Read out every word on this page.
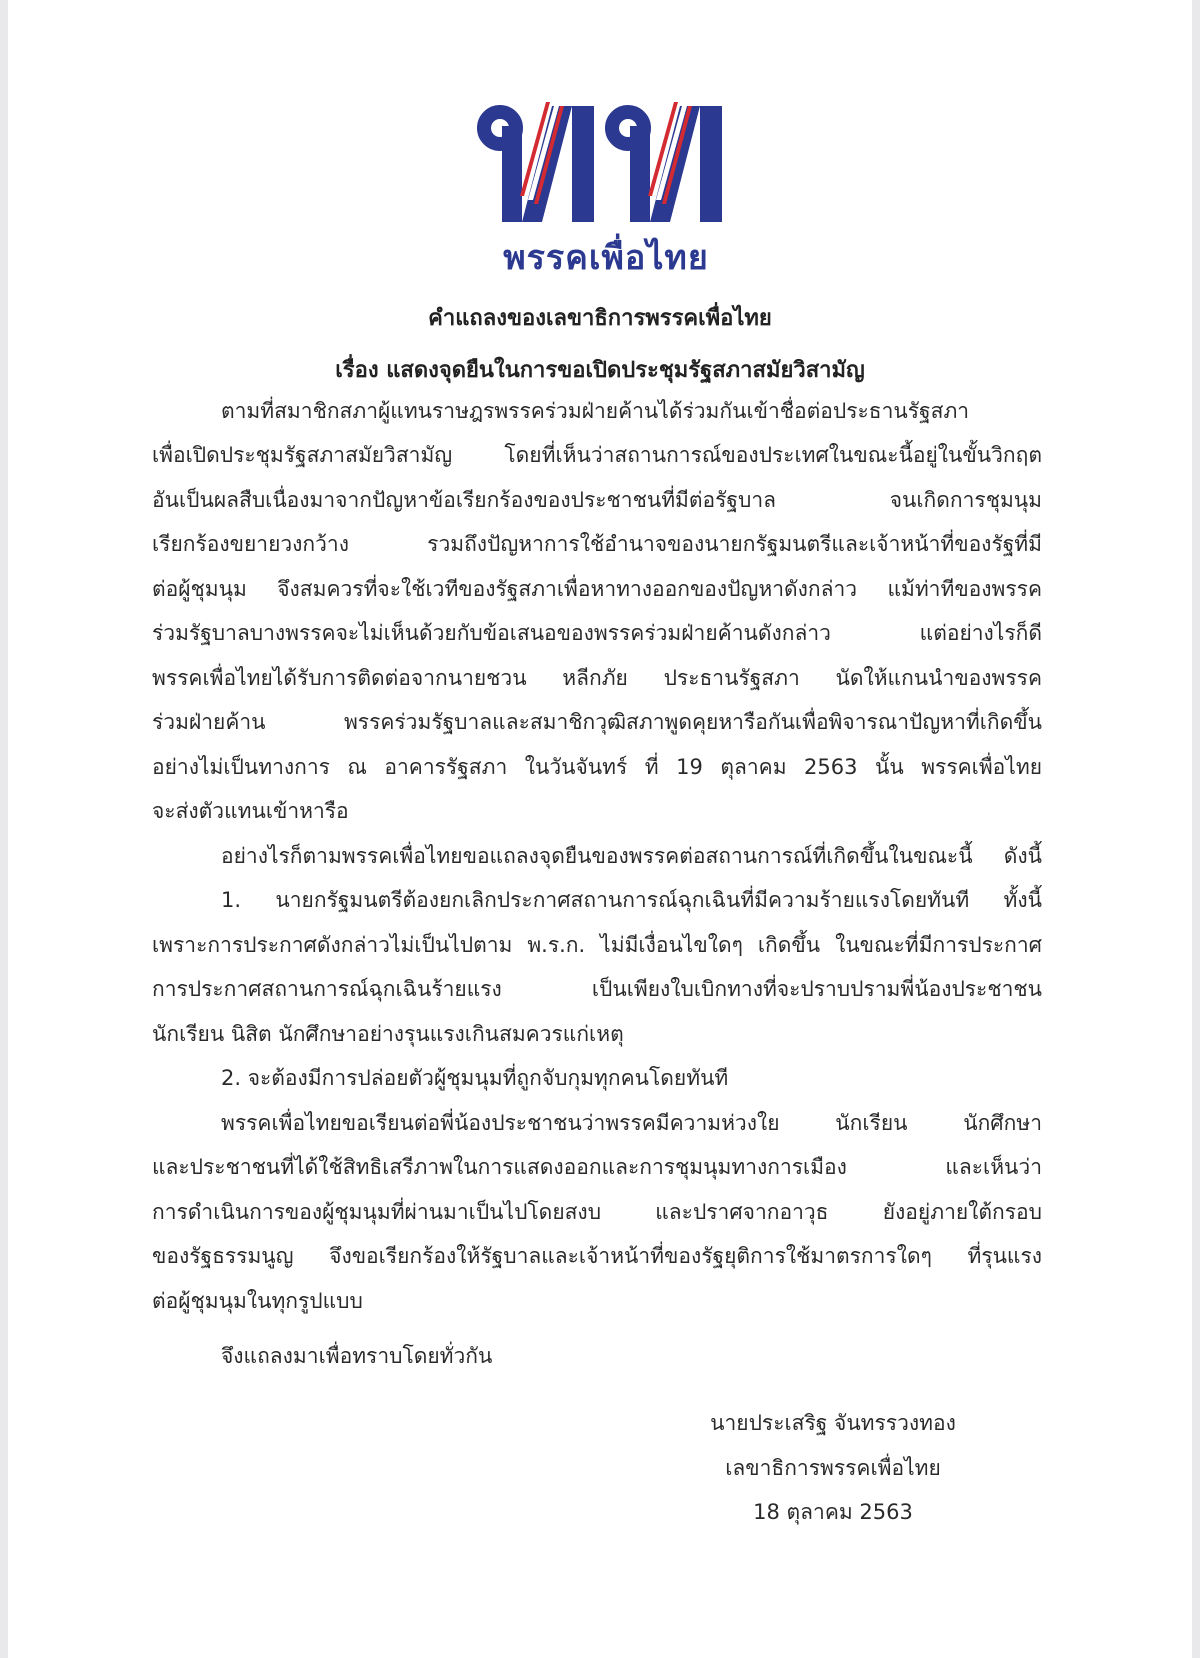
พรรคเพื่อไทย
คำแถลงของเลขาธิการพรรคเพื่อไทย
เรื่อง แสดงจุดยืนในการขอเปิดประชุมรัฐสภาสมัยวิสามัญ
ตามที่สมาชิกสภาผู้แทนราษฎรพรรคร่วมฝ่ายค้านได้ร่วมกันเข้าชื่อต่อประธานรัฐสภา
เพื่อเปิดประชุมรัฐสภาสมัยวิสามัญ โดยที่เห็นว่าสถานการณ์ของประเทศในขณะนี้อยู่ในขั้นวิกฤต
อันเป็นผลสืบเนื่องมาจากปัญหาข้อเรียกร้องของประชาชนที่มีต่อรัฐบาล จนเกิดการชุมนุม
เรียกร้องขยายวงกว้าง รวมถึงปัญหาการใช้อำนาจของนายกรัฐมนตรีและเจ้าหน้าที่ของรัฐที่มี
ต่อผู้ชุมนุม จึงสมควรที่จะใช้เวทีของรัฐสภาเพื่อหาทางออกของปัญหาดังกล่าว แม้ท่าทีของพรรค
ร่วมรัฐบาลบางพรรคจะไม่เห็นด้วยกับข้อเสนอของพรรคร่วมฝ่ายค้านดังกล่าว แต่อย่างไรก็ดี
พรรคเพื่อไทยได้รับการติดต่อจากนายชวน หลีกภัย ประธานรัฐสภา นัดให้แกนนำของพรรค
ร่วมฝ่ายค้าน พรรคร่วมรัฐบาลและสมาชิกวุฒิสภาพูดคุยหารือกันเพื่อพิจารณาปัญหาที่เกิดขึ้น
อย่างไม่เป็นทางการ ณ อาคารรัฐสภา ในวันจันทร์ ที่ 19 ตุลาคม 2563 นั้น พรรคเพื่อไทย
จะส่งตัวแทนเข้าหารือ
อย่างไรก็ตามพรรคเพื่อไทยขอแถลงจุดยืนของพรรคต่อสถานการณ์ที่เกิดขึ้นในขณะนี้ ดังนี้
1. นายกรัฐมนตรีต้องยกเลิกประกาศสถานการณ์ฉุกเฉินที่มีความร้ายแรงโดยทันที ทั้งนี้
เพราะการประกาศดังกล่าวไม่เป็นไปตาม พ.ร.ก. ไม่มีเงื่อนไขใดๆ เกิดขึ้น ในขณะที่มีการประกาศ
การประกาศสถานการณ์ฉุกเฉินร้ายแรง เป็นเพียงใบเบิกทางที่จะปราบปรามพี่น้องประชาชน
นักเรียน นิสิต นักศึกษาอย่างรุนแรงเกินสมควรแก่เหตุ
2. จะต้องมีการปล่อยตัวผู้ชุมนุมที่ถูกจับกุมทุกคนโดยทันที
พรรคเพื่อไทยขอเรียนต่อพี่น้องประชาชนว่าพรรคมีความห่วงใย นักเรียน นักศึกษา
และประชาชนที่ได้ใช้สิทธิเสรีภาพในการแสดงออกและการชุมนุมทางการเมือง และเห็นว่า
การดำเนินการของผู้ชุมนุมที่ผ่านมาเป็นไปโดยสงบ และปราศจากอาวุธ ยังอยู่ภายใต้กรอบ
ของรัฐธรรมนูญ จึงขอเรียกร้องให้รัฐบาลและเจ้าหน้าที่ของรัฐยุติการใช้มาตรการใดๆ ที่รุนแรง
ต่อผู้ชุมนุมในทุกรูปแบบ
จึงแถลงมาเพื่อทราบโดยทั่วกัน
นายประเสริฐ จันทรรวงทอง
เลขาธิการพรรคเพื่อไทย
18 ตุลาคม 2563
